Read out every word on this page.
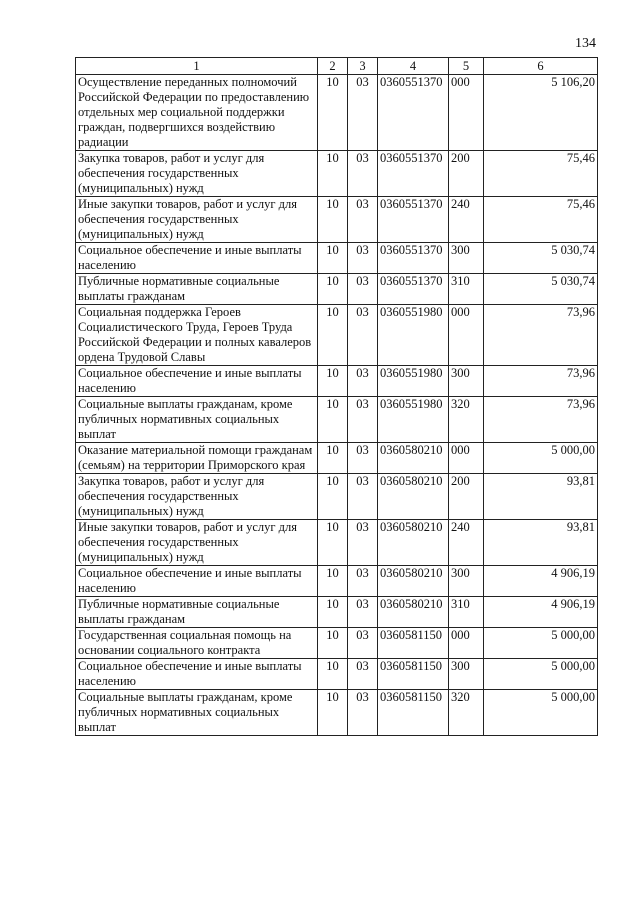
134
1	2	3	4	5	6
Осуществление переданных полномочий Российской Федерации по предоставлению отдельных мер социальной поддержки граждан, подвергшихся воздействию радиации	10	03	0360551370	000	5 106,20
Закупка товаров, работ и услуг для обеспечения государственных (муниципальных) нужд	10	03	0360551370	200	75,46
Иные закупки товаров, работ и услуг для обеспечения государственных (муниципальных) нужд	10	03	0360551370	240	75,46
Социальное обеспечение и иные выплаты населению	10	03	0360551370	300	5 030,74
Публичные нормативные социальные выплаты гражданам	10	03	0360551370	310	5 030,74
Социальная поддержка Героев Социалистического Труда, Героев Труда Российской Федерации и полных кавалеров ордена Трудовой Славы	10	03	0360551980	000	73,96
Социальное обеспечение и иные выплаты населению	10	03	0360551980	300	73,96
Социальные выплаты гражданам, кроме публичных нормативных социальных выплат	10	03	0360551980	320	73,96
Оказание материальной помощи гражданам (семьям) на территории Приморского края	10	03	0360580210	000	5 000,00
Закупка товаров, работ и услуг для обеспечения государственных (муниципальных) нужд	10	03	0360580210	200	93,81
Иные закупки товаров, работ и услуг для обеспечения государственных (муниципальных) нужд	10	03	0360580210	240	93,81
Социальное обеспечение и иные выплаты населению	10	03	0360580210	300	4 906,19
Публичные нормативные социальные выплаты гражданам	10	03	0360580210	310	4 906,19
Государственная социальная помощь на основании социального контракта	10	03	0360581150	000	5 000,00
Социальное обеспечение и иные выплаты населению	10	03	0360581150	300	5 000,00
Социальные выплаты гражданам, кроме публичных нормативных социальных выплат	10	03	0360581150	320	5 000,00
